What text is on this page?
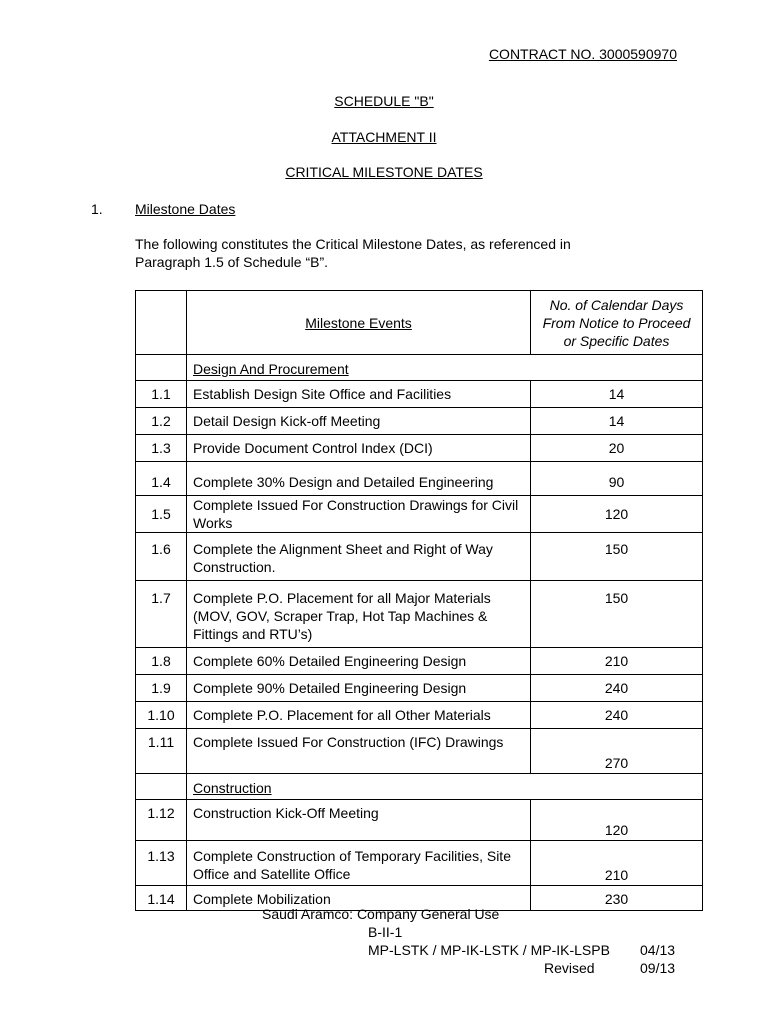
CONTRACT NO. 3000590970
SCHEDULE "B"
ATTACHMENT II
CRITICAL MILESTONE DATES
1. Milestone Dates
The following constitutes the Critical Milestone Dates, as referenced in Paragraph 1.5 of Schedule “B”.
	Milestone Events	No. of Calendar Days From Notice to Proceed or Specific Dates
	Design And Procurement	
1.1	Establish Design Site Office and Facilities	14
1.2	Detail Design Kick-off Meeting	14
1.3	Provide Document Control Index (DCI)	20
1.4	Complete 30% Design and Detailed Engineering	90
1.5	Complete Issued For Construction Drawings for Civil Works	120
1.6	Complete the Alignment Sheet and Right of Way Construction.	150
1.7	Complete P.O. Placement for all Major Materials (MOV, GOV, Scraper Trap, Hot Tap Machines & Fittings and RTU’s)	150
1.8	Complete 60% Detailed Engineering Design	210
1.9	Complete 90% Detailed Engineering Design	240
1.10	Complete P.O. Placement for all Other Materials	240
1.11	Complete Issued For Construction (IFC) Drawings	270
	Construction	
1.12	Construction Kick-Off Meeting	120
1.13	Complete Construction of Temporary Facilities, Site Office and Satellite Office	210
1.14	Complete Mobilization	230
Saudi Aramco: Company General Use
B-II-1
MP-LSTK / MP-IK-LSTK / MP-IK-LSPB 04/13
Revised	09/13
